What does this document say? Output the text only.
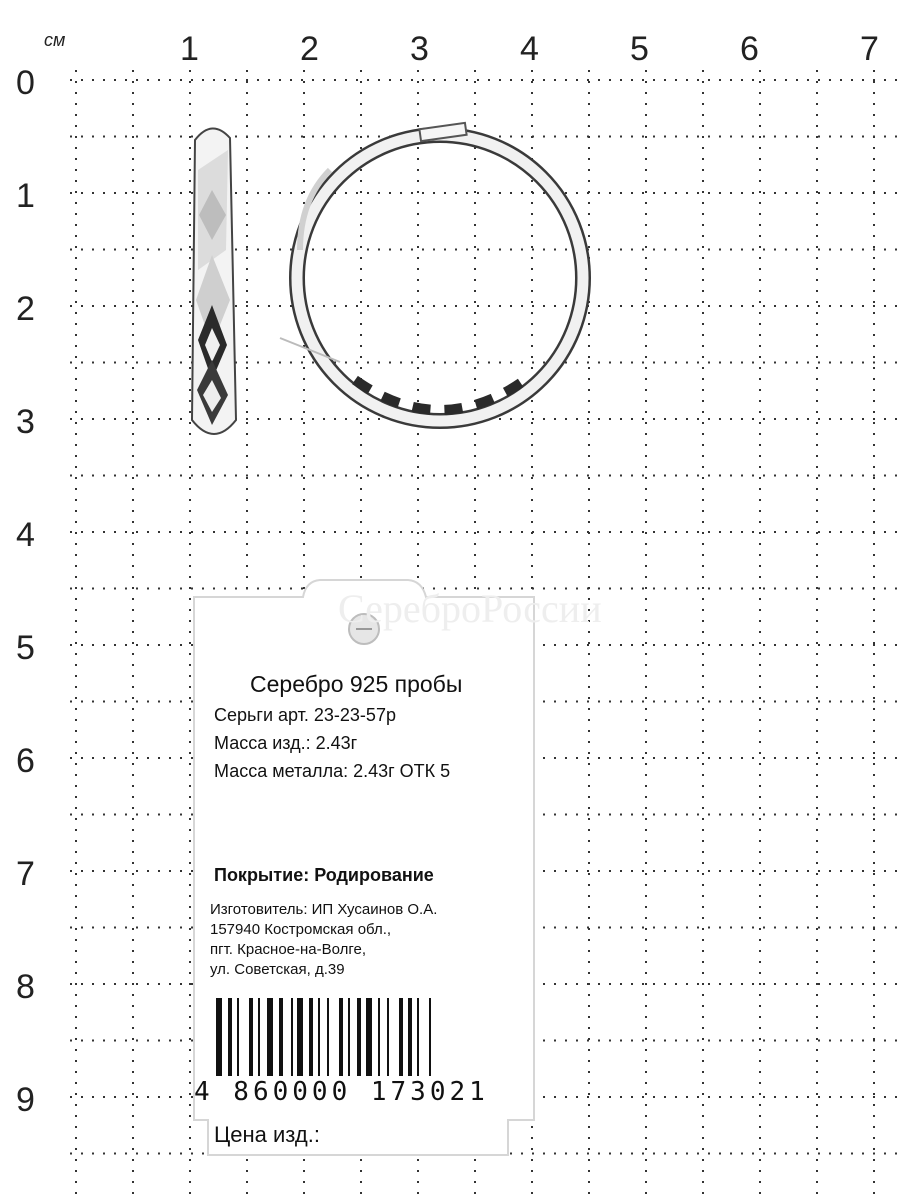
см	1	2	3	4	5	6	7
0
1
2
3
4
5
6
7
8
9
СереброРоссии
Серебро 925 пробы
Серьги арт. 23-23-57р
Масса изд.: 2.43г
Масса металла: 2.43г ОТК 5
Покрытие: Родирование
Изготовитель: ИП Хусаинов О.А.
157940 Костромская обл.,
пгт. Красное-на-Волге,
ул. Советская, д.39
4 860000 173021
Цена изд.:
